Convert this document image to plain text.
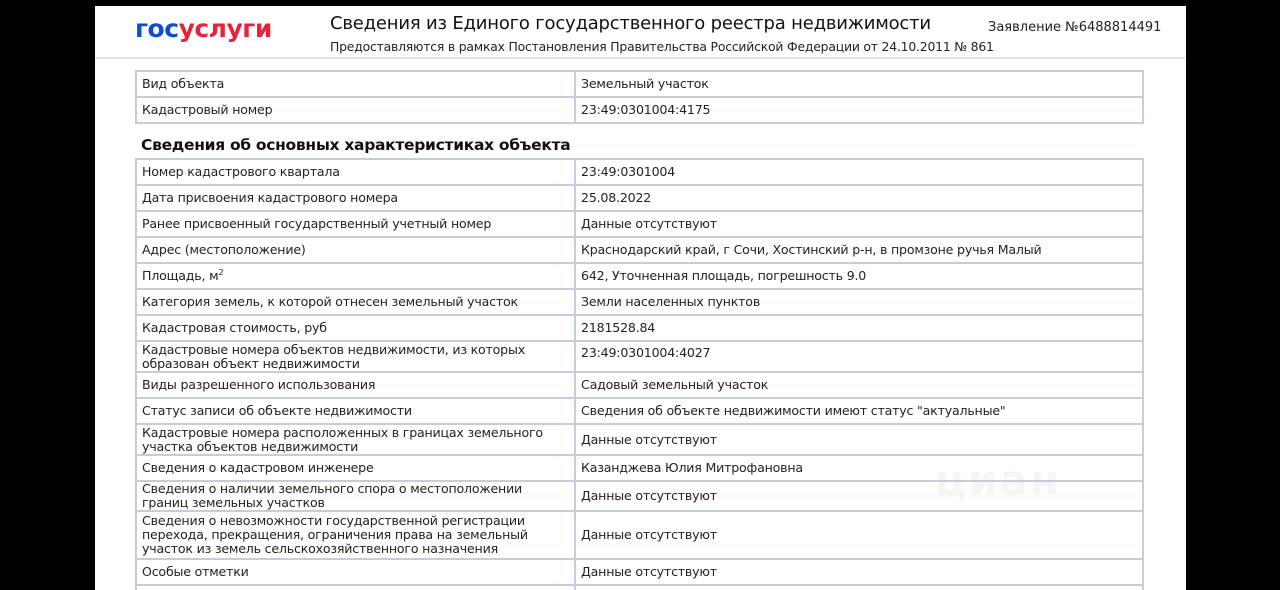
госуслуги	Сведения из Единого государственного реестра недвижимости
Предоставляются в рамках Постановления Правительства Российской Федерации от 24.10.2011 № 861
Заявление №6488814491
Вид объекта	Земельный участок
Кадастровый номер	23:49:0301004:4175
Сведения об основных характеристиках объекта
Номер кадастрового квартала	23:49:0301004
Дата присвоения кадастрового номера	25.08.2022
Ранее присвоенный государственный учетный номер	Данные отсутствуют
Адрес (местоположение)	Краснодарский край, г Сочи, Хостинский р-н, в промзоне ручья Малый
Площадь, $м^2$	642, Уточненная площадь, погрешность 9.0
Категория земель, к которой отнесен земельный участок	Земли населенных пунктов
Кадастровая стоимость, руб	2181528.84
Кадастровые номера объектов недвижимости, из которых образован объект недвижимости	23:49:0301004:4027
Виды разрешенного использования	Садовый земельный участок
Статус записи об объекте недвижимости	Сведения об объекте недвижимости имеют статус "актуальные"
Кадастровые номера расположенных в границах земельного участка объектов недвижимости	Данные отсутствуют
Сведения о кадастровом инженере	Казанджева Юлия Митрофановна
Сведения о наличии земельного спора о местоположении границ земельных участков	Данные отсутствуют
Сведения о невозможности государственной регистрации перехода, прекращения, ограничения права на земельный участок из земель сельскохозяйственного назначения	Данные отсутствуют
Особые отметки	Данные отсутствуют

циан
